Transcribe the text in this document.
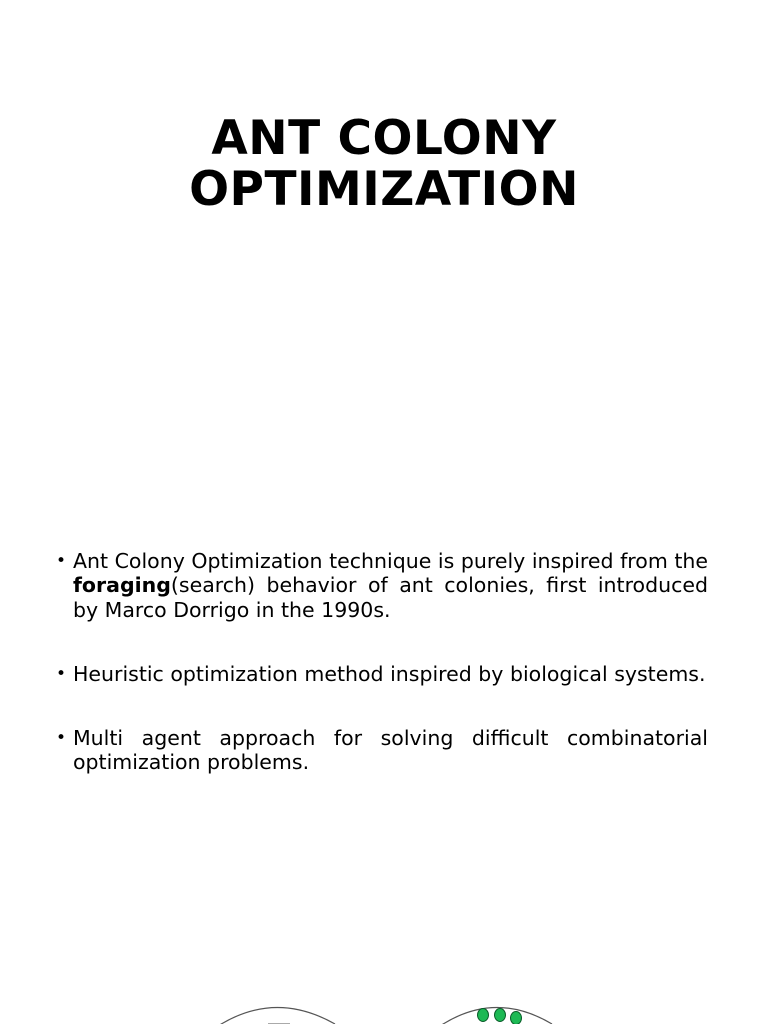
ANT COLONY
OPTIMIZATION
• Ant Colony Optimization technique is purely inspired from the foraging(search) behavior of ant colonies, first introduced by Marco Dorrigo in the 1990s.
• Heuristic optimization method inspired by biological systems.
• Multi agent approach for solving difficult combinatorial optimization problems.
